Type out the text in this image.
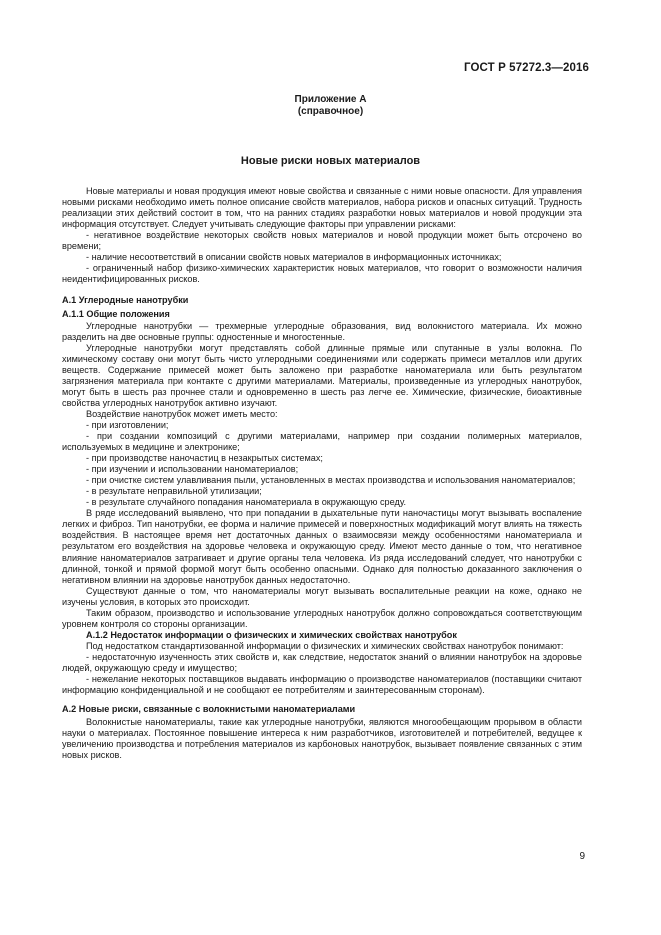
ГОСТ Р 57272.3—2016
Приложение А
(справочное)
Новые риски новых материалов

Новые материалы и новая продукция имеют новые свойства и связанные с ними новые опасности. Для управления новыми рисками необходимо иметь полное описание свойств материалов, набора рисков и опасных ситуаций. Трудность реализации этих действий состоит в том, что на ранних стадиях разработки новых материалов и новой продукции эта информация отсутствует. Следует учитывать следующие факторы при управлении рисками:

- негативное воздействие некоторых свойств новых материалов и новой продукции может быть отсрочено во времени;

- наличие несоответствий в описании свойств новых материалов в информационных источниках;

- ограниченный набор физико-химических характеристик новых материалов, что говорит о возможности наличия неидентифицированных рисков.

А.1 Углеродные нанотрубки

А.1.1 Общие положения

Углеродные нанотрубки — трехмерные углеродные образования, вид волокнистого материала. Их можно разделить на две основные группы: одностенные и многостенные.

Углеродные нанотрубки могут представлять собой длинные прямые или спутанные в узлы волокна. По химическому составу они могут быть чисто углеродными соединениями или содержать примеси металлов или других веществ. Содержание примесей может быть заложено при разработке наноматериала или быть результатом загрязнения материала при контакте с другими материалами. Материалы, произведенные из углеродных нанотрубок, могут быть в шесть раз прочнее стали и одновременно в шесть раз легче ее. Химические, физические, биоактивные свойства углеродных нанотрубок активно изучают.

Воздействие нанотрубок может иметь место:

- при изготовлении;

- при создании композиций с другими материалами, например при создании полимерных материалов, используемых в медицине и электронике;

- при производстве наночастиц в незакрытых системах;

- при изучении и использовании наноматериалов;

- при очистке систем улавливания пыли, установленных в местах производства и использования наноматериалов;

- в результате неправильной утилизации;

- в результате случайного попадания наноматериала в окружающую среду.

В ряде исследований выявлено, что при попадании в дыхательные пути наночастицы могут вызывать воспаление легких и фиброз. Тип нанотрубки, ее форма и наличие примесей и поверхностных модификаций могут влиять на тяжесть воздействия. В настоящее время нет достаточных данных о взаимосвязи между особенностями наноматериала и результатом его воздействия на здоровье человека и окружающую среду. Имеют место данные о том, что негативное влияние наноматериалов затрагивает и другие органы тела человека. Из ряда исследований следует, что нанотрубки с длинной, тонкой и прямой формой могут быть особенно опасными. Однако для полностью доказанного заключения о негативном влиянии на здоровье нанотрубок данных недостаточно.

Существуют данные о том, что наноматериалы могут вызывать воспалительные реакции на коже, однако не изучены условия, в которых это происходит.

Таким образом, производство и использование углеродных нанотрубок должно сопровождаться соответствующим уровнем контроля со стороны организации.

А.1.2 Недостаток информации о физических и химических свойствах нанотрубок

Под недостатком стандартизованной информации о физических и химических свойствах нанотрубок понимают:

- недостаточную изученность этих свойств и, как следствие, недостаток знаний о влиянии нанотрубок на здоровье людей, окружающую среду и имущество;

- нежелание некоторых поставщиков выдавать информацию о производстве наноматериалов (поставщики считают информацию конфиденциальной и не сообщают ее потребителям и заинтересованным сторонам).

А.2 Новые риски, связанные с волокнистыми наноматериалами

Волокнистые наноматериалы, такие как углеродные нанотрубки, являются многообещающим прорывом в области науки о материалах. Постоянное повышение интереса к ним разработчиков, изготовителей и потребителей, ведущее к увеличению производства и потребления материалов из карбоновых нанотрубок, вызывает появление связанных с этим новых рисков.

9
